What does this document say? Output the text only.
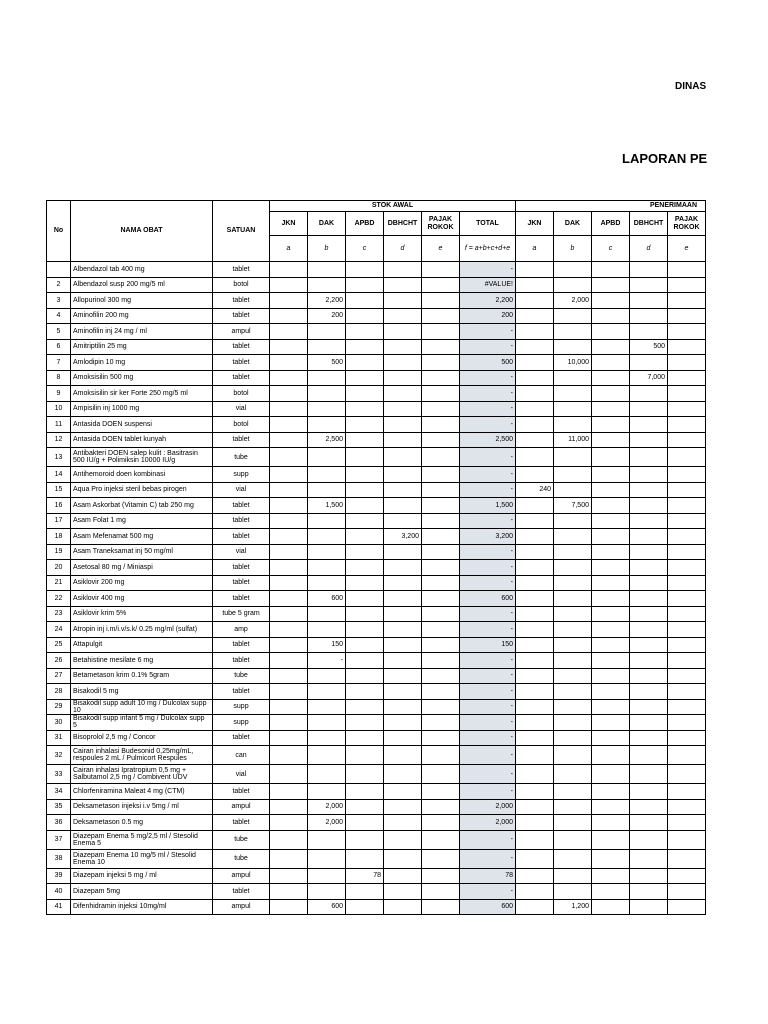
DINAS
LAPORAN PE
No	NAMA OBAT	SATUAN	STOK AWAL						PENERIMAAN				
			JKN	DAK	APBD	DBHCHT	PAJAK ROKOK	TOTAL	JKN	DAK	APBD	DBHCHT	PAJAK ROKOK
			a	b	c	d	e	f = a+b+c+d+e	a	b	c	d	e
	Albendazol tab 400 mg	tablet						-					
2	Albendazol susp 200 mg/5 ml	botol						#VALUE!					
3	Allopurinol 300 mg	tablet		2,200				2,200		2,000			
4	Aminofilin 200 mg	tablet		200				200					
5	Aminofilin inj 24 mg / ml	ampul						-					
6	Amitriptilin 25 mg	tablet						-				500	
7	Amlodipin 10 mg	tablet		500				500		10,000			
8	Amoksisilin 500 mg	tablet						-				7,000	
9	Amoksisilin sir ker Forte 250 mg/5 ml	botol						-					
10	Ampisilin inj 1000 mg	vial						-					
11	Antasida DOEN suspensi	botol						-					
12	Antasida DOEN tablet kunyah	tablet		2,500				2,500		11,000			
13	Antibakteri DOEN salep kulit : Basitrasin 500 IU/g + Polimiksin 10000 IU/g	tube						-					
14	Antihemoroid doen kombinasi	supp						-					
15	Aqua Pro injeksi steril bebas pirogen	vial						-	240				
16	Asam Askorbat (Vitamin C) tab 250 mg	tablet		1,500				1,500		7,500			
17	Asam Folat 1 mg	tablet						-					
18	Asam Mefenamat 500 mg	tablet				3,200		3,200					
19	Asam Traneksamat inj 50 mg/ml	vial						-					
20	Asetosal 80 mg / Miniaspi	tablet						-					
21	Asiklovir 200 mg	tablet						-					
22	Asiklovir 400 mg	tablet		600				600					
23	Asiklovir krim 5%	tube 5 gram						-					
24	Atropin inj i.m/i.v/s.k/ 0.25 mg/ml (sulfat)	amp						-					
25	Attapulgit	tablet		150				150					
26	Betahistine mesilate 6 mg	tablet		-				-					
27	Betametason krim 0.1% 5gram	tube						-					
28	Bisakodil 5 mg	tablet						-					
29	Bisakodil supp adult 10 mg / Dulcolax supp 10	supp						-					
30	Bisakodil supp infant 5 mg / Dulcolax supp 5	supp						-					
31	Bisoprolol 2,5 mg / Concor	tablet						-					
32	Cairan inhalasi Budesonid 0,25mg/mL, respoules 2 mL / Pulmicort Respules	can						-					
33	Cairan inhalasi Ipratropium 0,5 mg + Salbutamol 2,5 mg / Combivent UDV	vial						-					
34	Chlorfeniramina Maleat 4 mg (CTM)	tablet						-					
35	Deksametason injeksi i.v 5mg / ml	ampul		2,000				2,000					
36	Deksametason 0.5 mg	tablet		2,000				2,000					
37	Diazepam Enema 5 mg/2,5 ml / Stesolid Enema 5	tube						-					
38	Diazepam Enema 10 mg/5 ml / Stesolid Enema 10	tube						-					
39	Diazepam injeksi 5 mg / ml	ampul			78			78					
40	Diazepam 5mg	tablet						-					
41	Difenhidramin injeksi 10mg/ml	ampul		600				600		1,200			
